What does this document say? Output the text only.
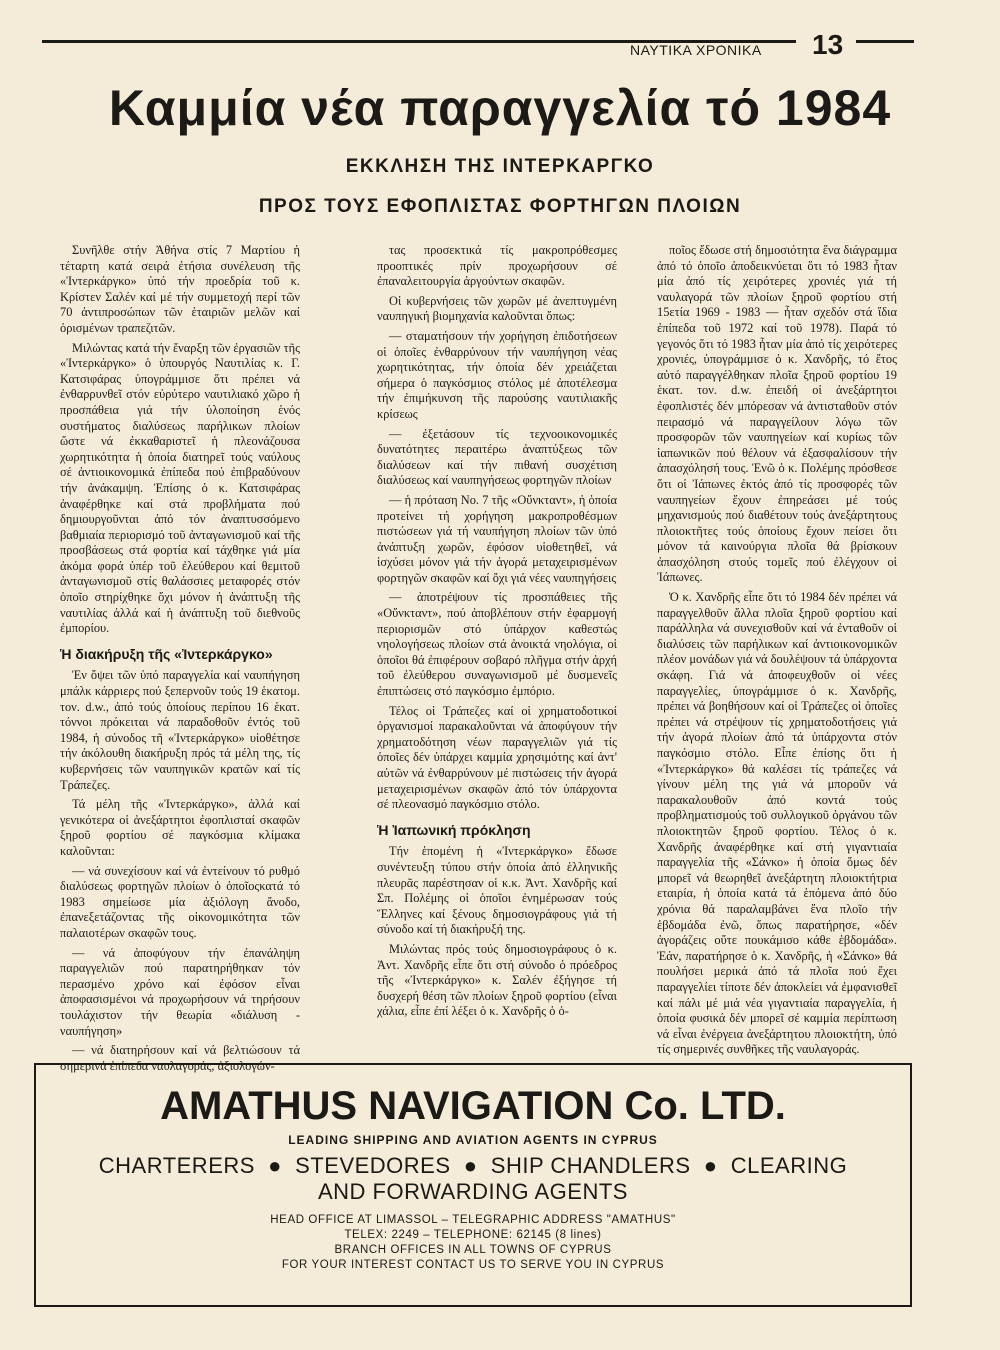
ΝΑΥΤΙΚΑ ΧΡΟΝΙΚΑ 13
Καμμία νέα παραγγελία τό 1984
ΕΚΚΛΗΣΗ ΤΗΣ ΙΝΤΕΡΚΑΡΓΚΟ
ΠΡΟΣ ΤΟΥΣ ΕΦΟΠΛΙΣΤΑΣ ΦΟΡΤΗΓΩΝ ΠΛΟΙΩΝ

Συνῆλθε στήν Ἀθήνα στίς 7 Μαρτίου ἡ τέταρτη κατά σειρά ἐτήσια συνέλευση τῆς «Ἰντερκάργκο» ὑπό τήν προεδρία τοῦ κ. Κρίστεν Σαλέν καί μέ τήν συμμετοχή περί τῶν 70 ἀντιπροσώπων τῶν ἑταιριῶν μελῶν καί ὁρισμένων τραπεζιτῶν.

Μιλώντας κατά τήν ἔναρξη τῶν ἐργασιῶν τῆς «Ἰντερκάργκο» ὁ ὑπουργός Ναυτιλίας κ. Γ. Κατσιφάρας ὑπογράμμισε ὅτι πρέπει νά ἐνθαρρυνθεῖ στόν εὐρύτερο ναυτιλιακό χῶρο ἡ προσπάθεια γιά τήν ὑλοποίηση ἑνός συστήματος διαλύσεως παρήλικων πλοίων ὥστε νά ἐκκαθαριστεῖ ἡ πλεονάζουσα χωρητικότητα ἡ ὁποία διατηρεῖ τούς ναύλους σέ ἀντιοικονομικά ἐπίπεδα πού ἐπιβραδύνουν τήν ἀνάκαμψη. Ἐπίσης ὁ κ. Κατσιφάρας ἀναφέρθηκε καί στά προβλήματα πού δημιουργοῦνται ἀπό τόν ἀναπτυσσόμενο βαθμιαία περιορισμό τοῦ ἀνταγωνισμοῦ καί τῆς προσβάσεως στά φορτία καί τάχθηκε γιά μία ἀκόμα φορά ὑπέρ τοῦ ἐλεύθερου καί θεμιτοῦ ἀνταγωνισμοῦ στίς θαλάσσιες μεταφορές στόν ὁποῖο στηρίχθηκε ὄχι μόνον ἡ ἀνάπτυξη τῆς ναυτιλίας ἀλλά καί ἡ ἀνάπτυξη τοῦ διεθνοῦς ἐμπορίου.

Ἡ διακήρυξη τῆς «Ἰντερκάργκο»

Ἐν ὄψει τῶν ὑπό παραγγελία καί ναυπήγηση μπάλκ κάρριερς πού ξεπερνοῦν τούς 19 ἑκατομ. τον. d.w., ἀπό τούς ὁποίους περίπου 16 ἑκατ. τόννοι πρόκειται νά παραδοθοῦν ἐντός τοῦ 1984, ἡ σύνοδος τῆ «Ἰντερκάργκο» υἱοθέτησε τήν ἀκόλουθη διακήρυξη πρός τά μέλη της, τίς κυβερνήσεις τῶν ναυπηγικῶν κρατῶν καί τίς Τράπεζες.

Τά μέλη τῆς «Ἰντερκάργκο», ἀλλά καί γενικότερα οἱ ἀνεξάρτητοι ἐφοπλισταί σκαφῶν ξηροῦ φορτίου σέ παγκόσμια κλίμακα καλοῦνται:

— νά συνεχίσουν καί νά ἐντείνουν τό ρυθμό διαλύσεως φορτηγῶν πλοίων ὁ ὁποῖοςκατά τό 1983 σημείωσε μία ἀξιόλογη ἄνοδο, ἐπανεξετάζοντας τῆς οἰκονομικότητα τῶν παλαιοτέρων σκαφῶν τους.

— νά ἀποφύγουν τήν ἐπανάληψη παραγγελιῶν πού παρατηρήθηκαν τόν περασμένο χρόνο καί ἐφόσον εἶναι ἀποφασισμένοι νά προχωρήσουν νά τηρήσουν τουλάχιστον τήν θεωρία «διάλυση - ναυπήγηση»

— νά διατηρήσουν καί νά βελτιώσουν τά σημερινά ἐπίπεδα ναυλαγοράς, ἀξιολογών-

τας προσεκτικά τίς μακροπρόθεσμες προοπτικές πρίν προχωρήσουν σέ ἐπαναλειτουργία ἀργούντων σκαφῶν.

Οἱ κυβερνήσεις τῶν χωρῶν μέ ἀνεπτυγμένη ναυπηγική βιομηχανία καλοῦνται ὅπως:

— σταματήσουν τήν χορήγηση ἐπιδοτήσεων οἱ ὁποῖες ἐνθαρρύνουν τήν ναυπήγηση νέας χωρητικότητας, τήν ὁποία δέν χρειάζεται σήμερα ὁ παγκόσμιος στόλος μέ ἀποτέλεσμα τήν ἐπιμήκυνση τῆς παρούσης ναυτιλιακῆς κρίσεως

— ἐξετάσουν τίς τεχνοοικονομικές δυνατότητες περαιτέρω ἀναπτύξεως τῶν διαλύσεων καί τήν πιθανή συσχέτιση διαλύσεως καί ναυπηγήσεως φορτηγῶν πλοίων

— ἡ πρόταση Νο. 7 τῆς «Οὔνκταντ», ἡ ὁποία προτείνει τή χορήγηση μακροπροθέσμων πιστώσεων γιά τή ναυπήγηση πλοίων τῶν ὑπό ἀνάπτυξη χωρῶν, ἐφόσον υἱοθετηθεῖ, νά ἰσχύσει μόνον γιά τήν ἀγορά μεταχειρισμένων φορτηγῶν σκαφῶν καί ὄχι γιά νέες ναυπηγήσεις

— ἀποτρέψουν τίς προσπάθειες τῆς «Οὔνκταντ», πού ἀποβλέπουν στήν ἐφαρμογή περιορισμῶν στό ὑπάρχον καθεστώς νηολογήσεως πλοίων στά ἀνοικτά νηολόγια, οἱ ὁποῖοι θά ἐπιφέρουν σοβαρό πλῆγμα στήν ἀρχή τοῦ ἐλεύθερου συναγωνισμοῦ μέ δυσμενεῖς ἐπιπτώσεις στό παγκόσμιο ἐμπόριο.

Τέλος οἱ Τράπεζες καί οἱ χρηματοδοτικοί ὀργανισμοί παρακαλοῦνται νά ἀποφύγουν τήν χρηματοδότηση νέων παραγγελιῶν γιά τίς ὁποῖες δέν ὑπάρχει καμμία χρησιμότης καί ἀντ' αὐτῶν νά ἐνθαρρύνουν μέ πιστώσεις τήν ἀγορά μεταχειρισμένων σκαφῶν ἀπό τόν ὑπάρχοντα σέ πλεονασμό παγκόσμιο στόλο.

Ἡ Ἰαπωνική πρόκληση

Τήν ἑπομένη ἡ «Ἰντερκάργκο» ἔδωσε συνέντευξη τύπου στήν ὁποία ἀπό ἑλληνικῆς πλευρᾶς παρέστησαν οἱ κ.κ. Ἀντ. Χανδρῆς καί Σπ. Πολέμης οἱ ὁποῖοι ἐνημέρωσαν τούς Ἕλληνες καί ξένους δημοσιογράφους γιά τή σύνοδο καί τή διακήρυξή της.

Μιλώντας πρός τούς δημοσιογράφους ὁ κ. Ἀντ. Χανδρῆς εἶπε ὅτι στή σύνοδο ὁ πρόεδρος τῆς «Ἰντερκάργκο» κ. Σαλέν ἐξήγησε τή δυσχερή θέση τῶν πλοίων ξηροῦ φορτίου (εἶναι χάλια, εἶπε ἐπί λέξει ὁ κ. Χανδρῆς ὁ ὁ-

ποῖος ἔδωσε στή δημοσιότητα ἕνα διάγραμμα ἀπό τό ὁποῖο ἀποδεικνύεται ὅτι τό 1983 ἦταν μία ἀπό τίς χειρότερες χρονιές γιά τή ναυλαγορά τῶν πλοίων ξηροῦ φορτίου στή 15ετία 1969 - 1983 — ἦταν σχεδόν στά ἴδια ἐπίπεδα τοῦ 1972 καί τοῦ 1978). Παρά τό γεγονός ὅτι τό 1983 ἦταν μία ἀπό τίς χειρότερες χρονιές, ὑπογράμμισε ὁ κ. Χανδρῆς, τό ἔτος αὐτό παραγγέλθηκαν πλοῖα ξηροῦ φορτίου 19 ἑκατ. τον. d.w. ἐπειδή οἱ ἀνεξάρτητοι ἐφοπλιστές δέν μπόρεσαν νά ἀντισταθοῦν στόν πειρασμό νά παραγγείλουν λόγω τῶν προσφορῶν τῶν ναυπηγείων καί κυρίως τῶν ἰαπωνικῶν πού θέλουν νά ἐξασφαλίσουν τήν ἀπασχόλησή τους. Ἐνῶ ὁ κ. Πολέμης πρόσθεσε ὅτι οἱ Ἰάπωνες ἐκτός ἀπό τίς προσφορές τῶν ναυπηγείων ἔχουν ἐπηρεάσει μέ τούς μηχανισμούς πού διαθέτουν τούς ἀνεξάρτητους πλοιοκτῆτες τούς ὁποίους ἔχουν πείσει ὅτι μόνον τά καινούργια πλοῖα θά βρίσκουν ἀπασχόληση στούς τομεῖς πού ἐλέγχουν οἱ Ἰάπωνες.

Ὁ κ. Χανδρῆς εἶπε ὅτι τό 1984 δέν πρέπει νά παραγγελθοῦν ἄλλα πλοῖα ξηροῦ φορτίου καί παράλληλα νά συνεχισθοῦν καί νά ἐνταθοῦν οἱ διαλύσεις τῶν παρήλικων καί ἀντιοικονομικῶν πλέον μονάδων γιά νά δουλέψουν τά ὑπάρχοντα σκάφη. Γιά νά ἀποφευχθοῦν οἱ νέες παραγγελίες, ὑπογράμμισε ὁ κ. Χανδρῆς, πρέπει νά βοηθήσουν καί οἱ Τράπεζες οἱ ὁποῖες πρέπει νά στρέψουν τίς χρηματοδοτήσεις γιά τήν ἀγορά πλοίων ἀπό τά ὑπάρχοντα στόν παγκόσμιο στόλο. Εἶπε ἐπίσης ὅτι ἡ «Ἰντερκάργκο» θά καλέσει τίς τράπεζες νά γίνουν μέλη της γιά νά μποροῦν νά παρακαλουθοῦν ἀπό κοντά τούς προβληματισμούς τοῦ συλλογικοῦ ὀργάνου τῶν πλοιοκτητῶν ξηροῦ φορτίου. Τέλος ὁ κ. Χανδρῆς ἀναφέρθηκε καί στή γιγαντιαία παραγγελία τῆς «Σάνκο» ἡ ὁποία ὅμως δέν μπορεῖ νά θεωρηθεῖ ἀνεξάρτητη πλοιοκτήτρια εταιρία, ἡ ὁποία κατά τά ἑπόμενα ἀπό δύο χρόνια θά παραλαμβάνει ἕνα πλοῖο τήν ἑβδομάδα ἐνῶ, ὅπως παρατήρησε, «δέν ἀγοράζεις οὔτε πουκάμισο κάθε ἑβδομάδα». Ἐάν, παρατήρησε ὁ κ. Χανδρῆς, ἡ «Σάνκο» θά πουλήσει μερικά ἀπό τά πλοῖα πού ἔχει παραγγελίει τίποτε δέν ἀποκλείει νά ἐμφανισθεῖ καί πάλι μέ μιά νέα γιγαντιαία παραγγελία, ἡ ὁποία φυσικά δέν μπορεῖ σέ καμμία περίπτωση νά εἶναι ἐνέργεια ἀνεξάρτητου πλοιοκτήτη, ὑπό τίς σημερινές συνθῆκες τῆς ναυλαγοράς.

AMATHUS NAVIGATION Co. LTD.
LEADING SHIPPING AND AVIATION AGENTS IN CYPRUS
CHARTERERS  ●  STEVEDORES  ●  SHIP CHANDLERS  ●  CLEARING
AND FORWARDING AGENTS
HEAD OFFICE AT LIMASSOL – TELEGRAPHIC ADDRESS "AMATHUS"
TELEX: 2249 – TELEPHONE: 62145 (8 lines)
BRANCH OFFICES IN ALL TOWNS OF CYPRUS
FOR YOUR INTEREST CONTACT US TO SERVE YOU IN CYPRUS
